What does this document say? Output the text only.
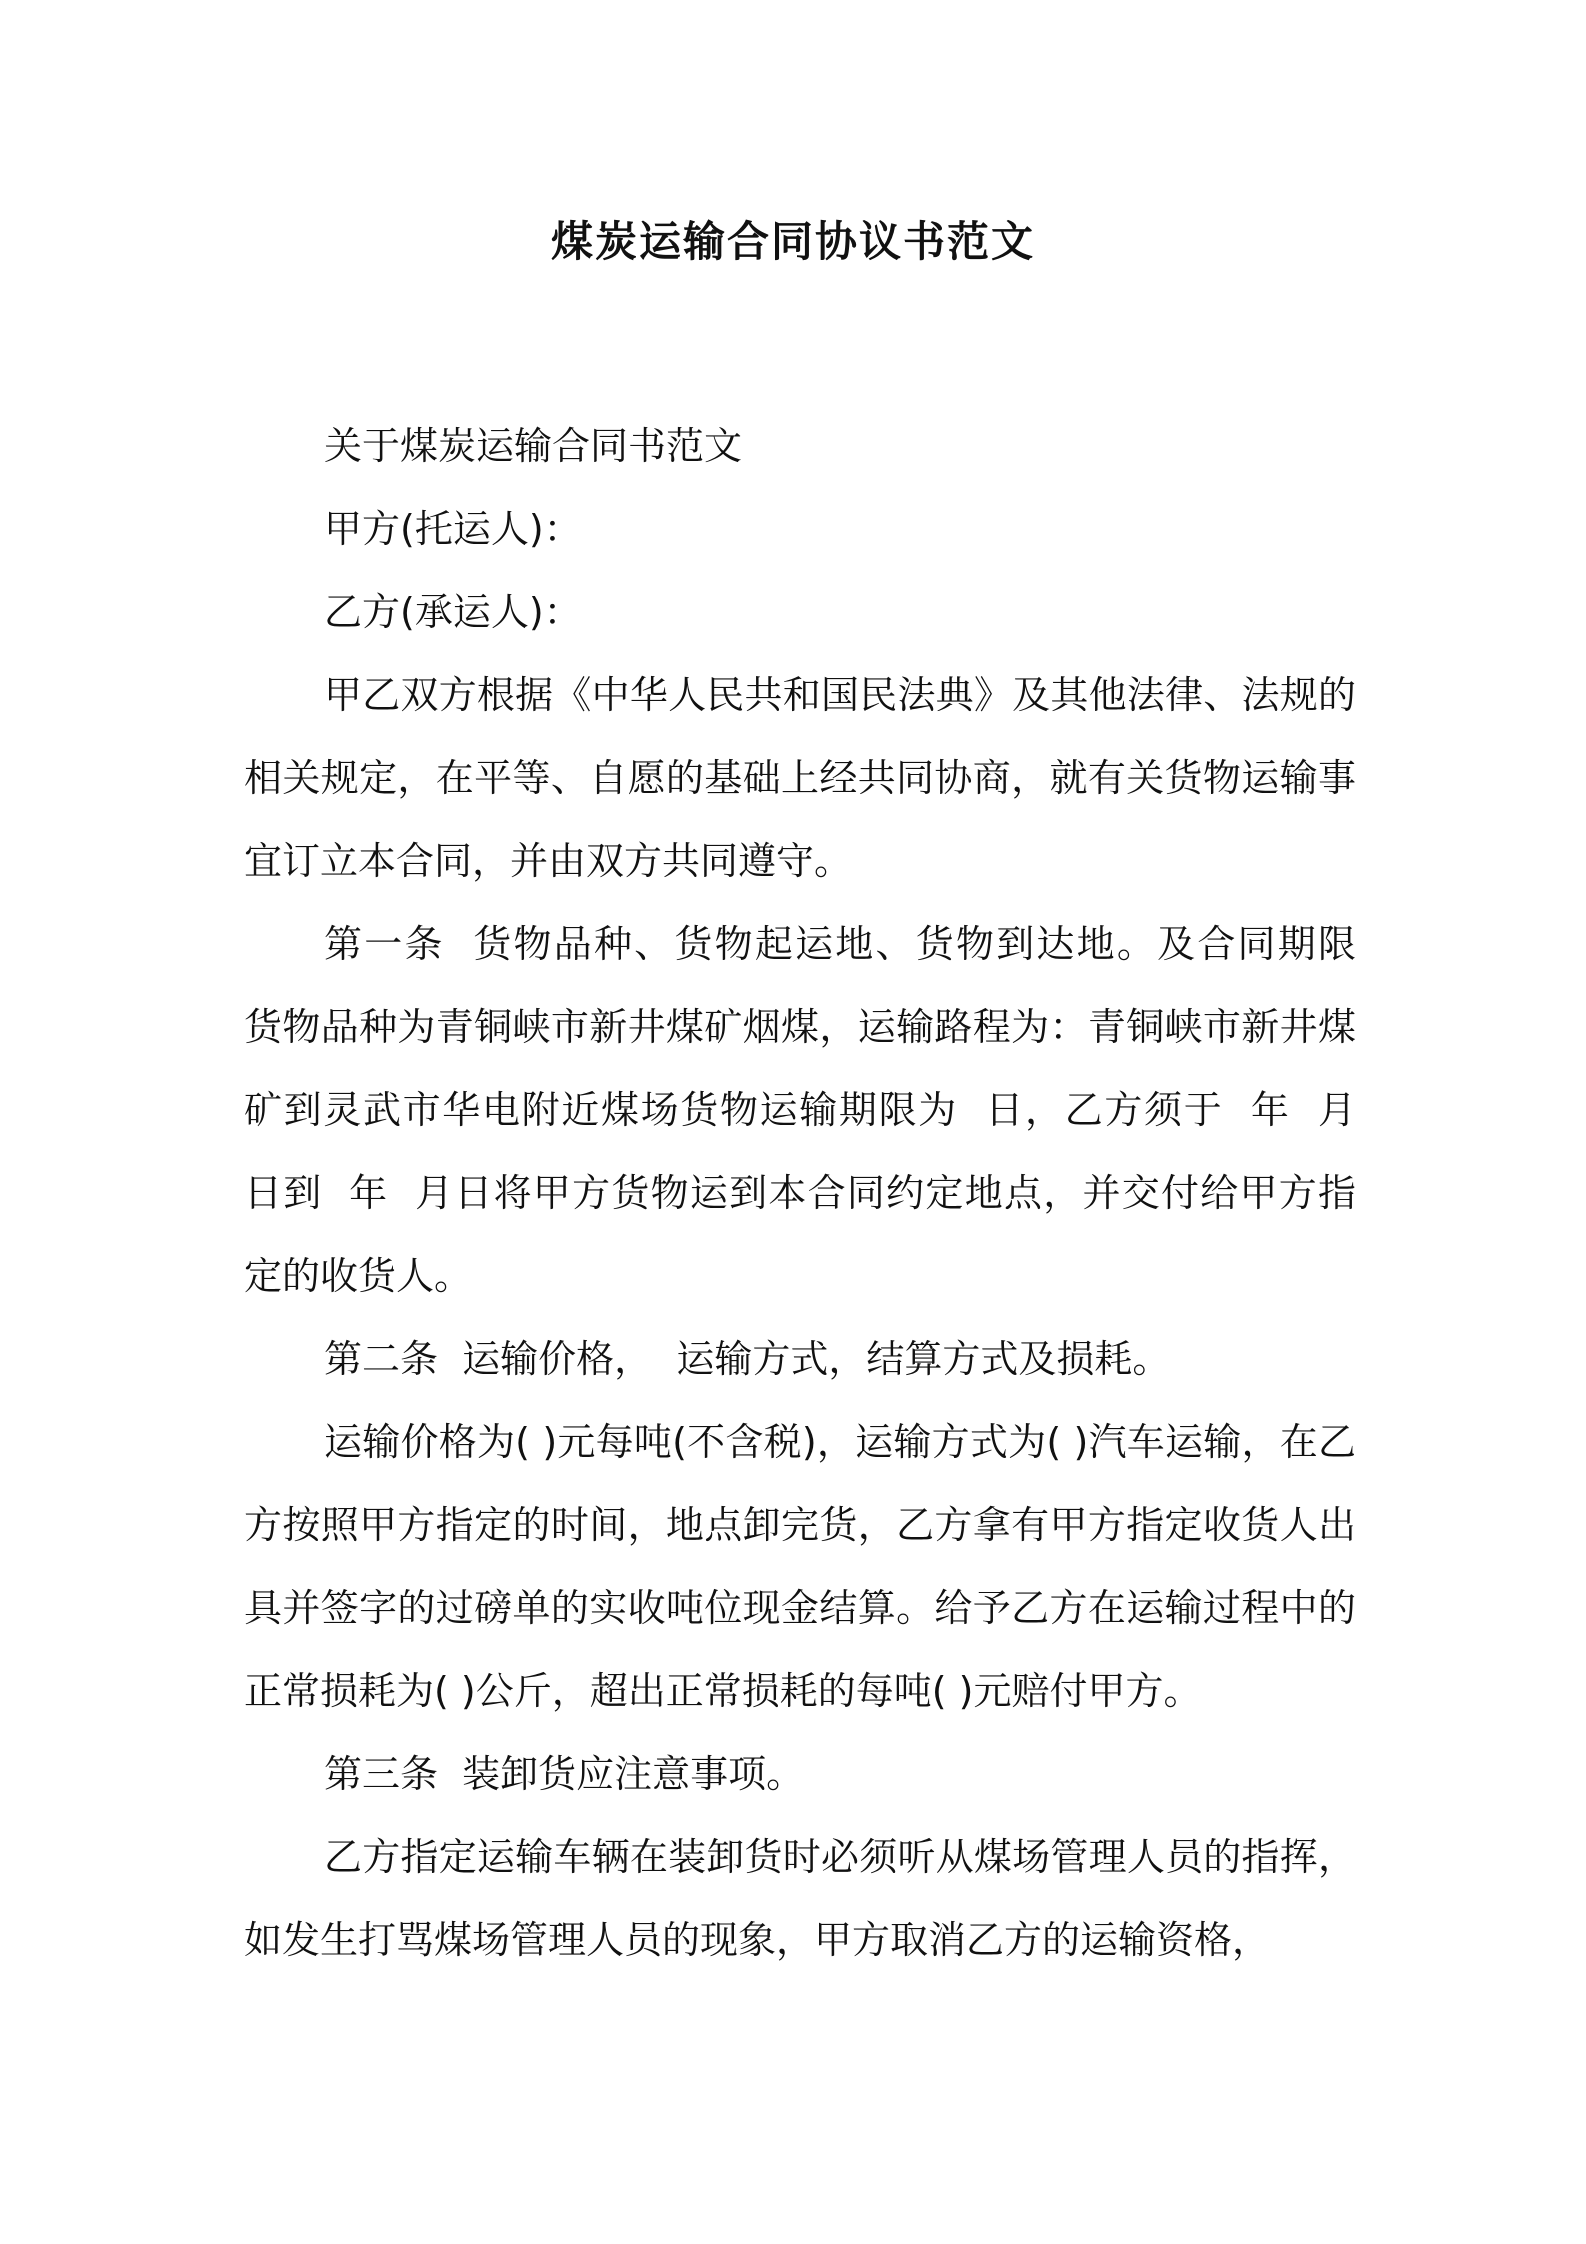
煤炭运输合同协议书范文

关于煤炭运输合同书范文

甲方(托运人)：

乙方(承运人)：

甲乙双方根据《中华人民共和国民法典》及其他法律、法规的相关规定，在平等、自愿的基础上经共同协商，就有关货物运输事宜订立本合同，并由双方共同遵守。

第一条  货物品种、货物起运地、货物到达地。及合同期限  货物品种为青铜峡市新井煤矿烟煤，运输路程为：青铜峡市新井煤矿到灵武市华电附近煤场货物运输期限为  日，乙方须于  年  月  日到  年  月日将甲方货物运到本合同约定地点，并交付给甲方指定的收货人。

第二条  运输价格，  运输方式，结算方式及损耗。

运输价格为( )元每吨(不含税)，运输方式为( )汽车运输，在乙方按照甲方指定的时间，地点卸完货，乙方拿有甲方指定收货人出具并签字的过磅单的实收吨位现金结算。给予乙方在运输过程中的正常损耗为( )公斤，超出正常损耗的每吨( )元赔付甲方。

第三条  装卸货应注意事项。

乙方指定运输车辆在装卸货时必须听从煤场管理人员的指挥，如发生打骂煤场管理人员的现象，甲方取消乙方的运输资格，
